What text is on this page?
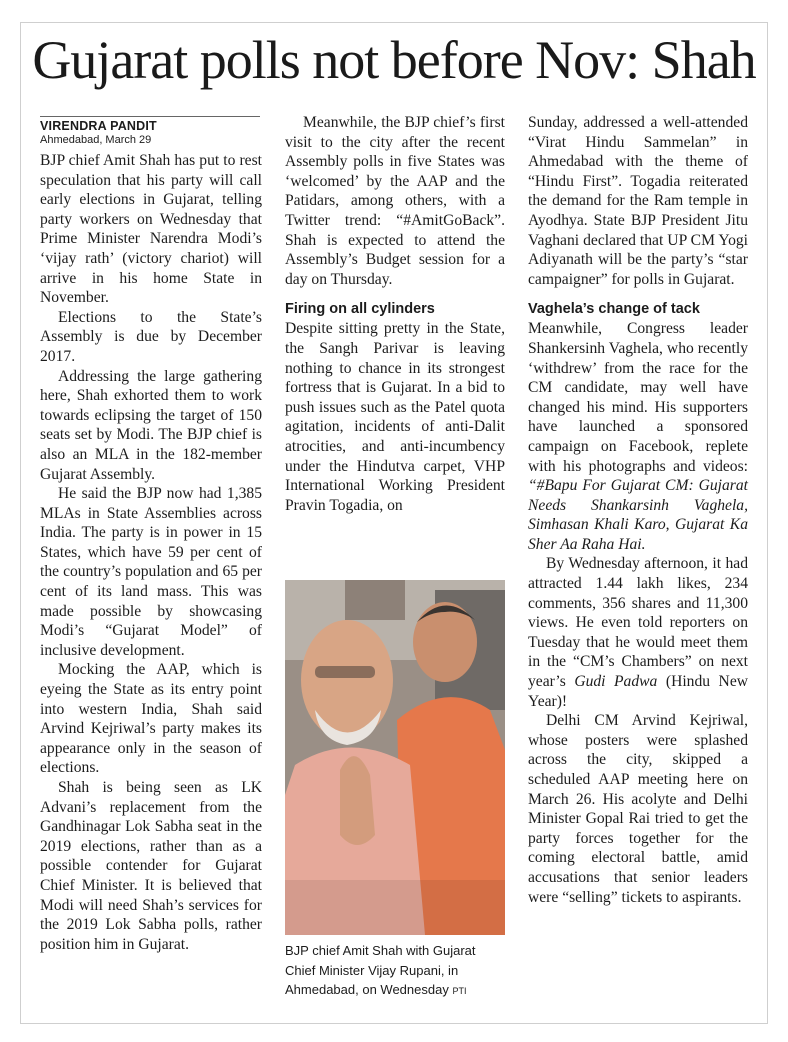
Gujarat polls not before Nov: Shah
VIRENDRA PANDIT
Ahmedabad, March 29

BJP chief Amit Shah has put to rest speculation that his party will call early elections in Gujarat, telling party workers on Wednesday that Prime Minister Narendra Modi’s ‘vijay rath’ (victory chariot) will arrive in his home State in November.

Elections to the State’s Assembly is due by December 2017.

Addressing the large gathering here, Shah exhorted them to work towards eclipsing the target of 150 seats set by Modi. The BJP chief is also an MLA in the 182-member Gujarat Assembly.

He said the BJP now had 1,385 MLAs in State Assemblies across India. The party is in power in 15 States, which have 59 per cent of the country’s population and 65 per cent of its land mass. This was made possible by showcasing Modi’s “Gujarat Model” of inclusive development.

Mocking the AAP, which is eyeing the State as its entry point into western India, Shah said Arvind Kejriwal’s party makes its appearance only in the season of elections.

Shah is being seen as LK Advani’s replacement from the Gandhinagar Lok Sabha seat in the 2019 elections, rather than as a possible contender for Gujarat Chief Minister. It is believed that Modi will need Shah’s services for the 2019 Lok Sabha polls, rather position him in Gujarat.

Meanwhile, the BJP chief’s first visit to the city after the recent Assembly polls in five States was ‘welcomed’ by the AAP and the Patidars, among others, with a Twitter trend: “#AmitGoBack”. Shah is expected to attend the Assembly’s Budget session for a day on Thursday.

Firing on all cylinders

Despite sitting pretty in the State, the Sangh Parivar is leaving nothing to chance in its strongest fortress that is Gujarat. In a bid to push issues such as the Patel quota agitation, incidents of anti-Dalit atrocities, and anti-incumbency under the Hindutva carpet, VHP International Working President Pravin Togadia, on

Sunday, addressed a well-attended “Virat Hindu Sammelan” in Ahmedabad with the theme of “Hindu First”. Togadia reiterated the demand for the Ram temple in Ayodhya. State BJP President Jitu Vaghani declared that UP CM Yogi Adiyanath will be the party’s “star campaigner” for polls in Gujarat.

Vaghela’s change of tack

Meanwhile, Congress leader Shankersinh Vaghela, who recently ‘withdrew’ from the race for the CM candidate, may well have changed his mind. His supporters have launched a sponsored campaign on Facebook, replete with his photographs and videos: “#Bapu For Gujarat CM: Gujarat Needs Shankarsinh Vaghela, Simhasan Khali Karo, Gujarat Ka Sher Aa Raha Hai.

By Wednesday afternoon, it had attracted 1.44 lakh likes, 234 comments, 356 shares and 11,300 views. He even told reporters on Tuesday that he would meet them in the “CM’s Chambers” on next year’s Gudi Padwa (Hindu New Year)!

Delhi CM Arvind Kejriwal, whose posters were splashed across the city, skipped a scheduled AAP meeting here on March 26. His acolyte and Delhi Minister Gopal Rai tried to get the party forces together for the coming electoral battle, amid accusations that senior leaders were “selling” tickets to aspirants.

BJP chief Amit Shah with Gujarat Chief Minister Vijay Rupani, in Ahmedabad, on Wednesday PTI
